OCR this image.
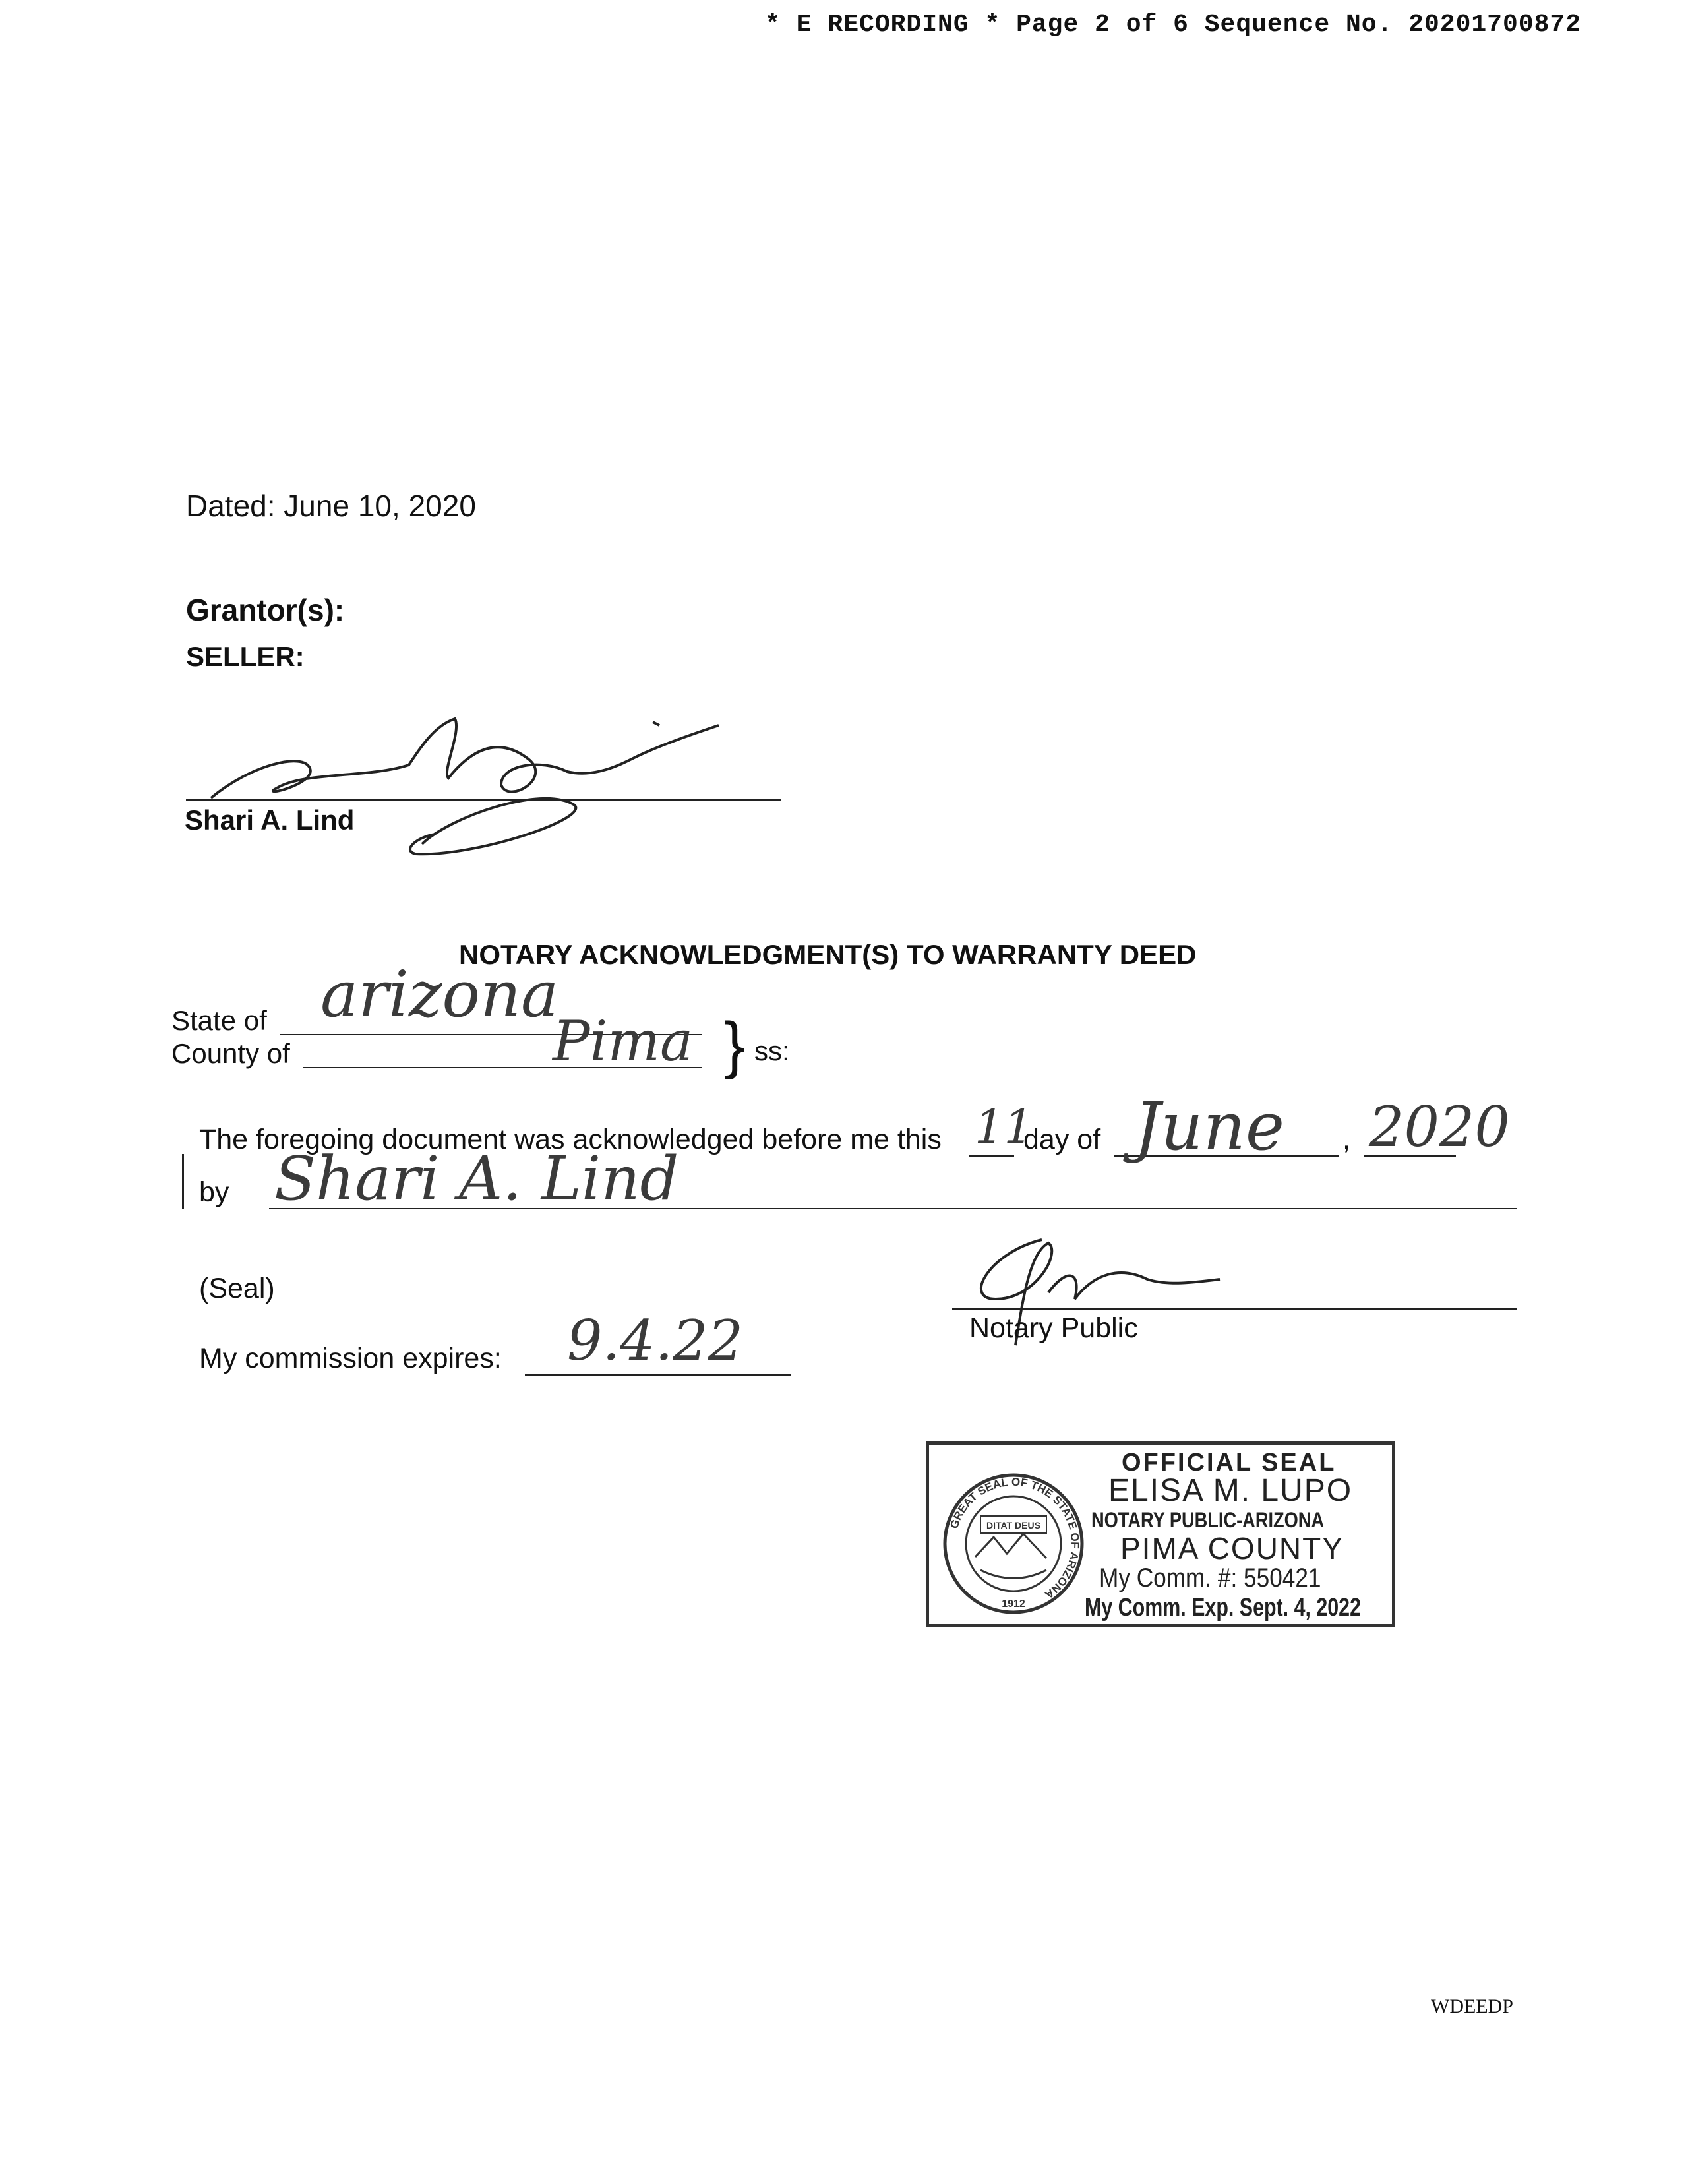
* E RECORDING * Page 2 of 6 Sequence No. 20201700872
Dated: June 10, 2020
Grantor(s):
SELLER:
Shari A. Lind
NOTARY ACKNOWLEDGMENT(S) TO WARRANTY DEED
State of arizona
County of	Pima } ss:
The foregoing document was acknowledged before me this 11
day of June , 2020
by Shari A. Lind
(Seal)
My commission expires: 9.4.22	Notary Public
GREAT SEAL OF THE STATE OF ARIZONA
DITAT DEUS
1912
OFFICIAL SEAL
ELISA M. LUPO
NOTARY PUBLIC-ARIZONA
PIMA COUNTY
My Comm. #: 550421
My Comm. Exp. Sept. 4, 2022
WDEEDP
